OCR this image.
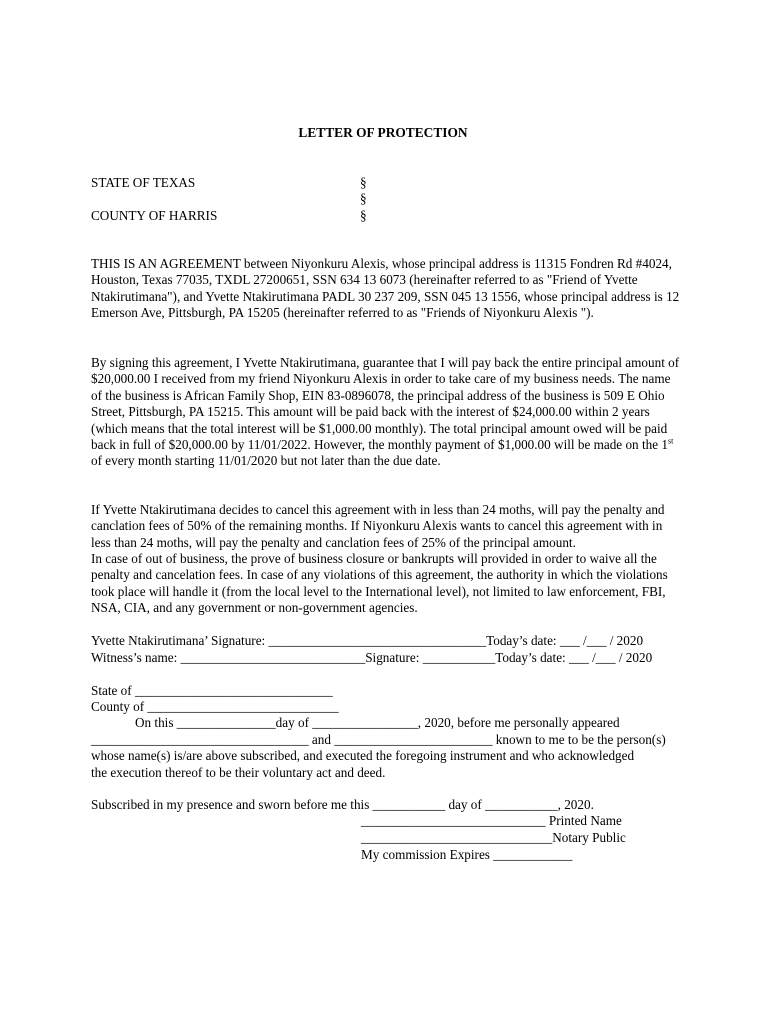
LETTER OF PROTECTION
STATE OF TEXAS	§
§
COUNTY OF HARRIS	§

THIS IS AN AGREEMENT between Niyonkuru Alexis, whose principal address is 11315 Fondren Rd #4024, Houston, Texas 77035, TXDL 27200651, SSN 634 13 6073 (hereinafter referred to as "Friend of Yvette Ntakirutimana"), and Yvette Ntakirutimana PADL 30 237 209, SSN 045 13 1556, whose principal address is 12 Emerson Ave, Pittsburgh, PA 15205 (hereinafter referred to as "Friends of Niyonkuru Alexis ").

By signing this agreement, I Yvette Ntakirutimana, guarantee that I will pay back the entire principal amount of $20,000.00 I received from my friend Niyonkuru Alexis in order to take care of my business needs. The name of the business is African Family Shop, EIN 83-0896078, the principal address of the business is 509 E Ohio Street, Pittsburgh, PA 15215. This amount will be paid back with the interest of $24,000.00 within 2 years (which means that the total interest will be $1,000.00 monthly). The total principal amount owed will be paid back in full of $20,000.00 by 11/01/2022. However, the monthly payment of $1,000.00 will be made on the 1st of every month starting 11/01/2020 but not later than the due date.

If Yvette Ntakirutimana decides to cancel this agreement with in less than 24 moths, will pay the penalty and canclation fees of 50% of the remaining months. If Niyonkuru Alexis wants to cancel this agreement with in less than 24 moths, will pay the penalty and canclation fees of 25% of the principal amount.

In case of out of business, the prove of business closure or bankrupts will provided in order to waive all the penalty and cancelation fees. In case of any violations of this agreement, the authority in which the violations took place will handle it (from the local level to the International level), not limited to law enforcement, FBI, NSA, CIA, and any government or non-government agencies.

Yvette Ntakirutimana’ Signature: _________________________________Today’s date: ___ /___ / 2020
Witness’s name: ____________________________Signature: ___________Today’s date: ___ /___ / 2020
State of ______________________________
County of _____________________________
On this _______________day of ________________, 2020, before me personally appeared
_________________________________ and ________________________ known to me to be the person(s)
whose name(s) is/are above subscribed, and executed the foregoing instrument and who acknowledged
the execution thereof to be their voluntary act and deed.
Subscribed in my presence and sworn before me this ___________ day of ___________, 2020.
____________________________ Printed Name
_____________________________Notary Public
My commission Expires ____________
